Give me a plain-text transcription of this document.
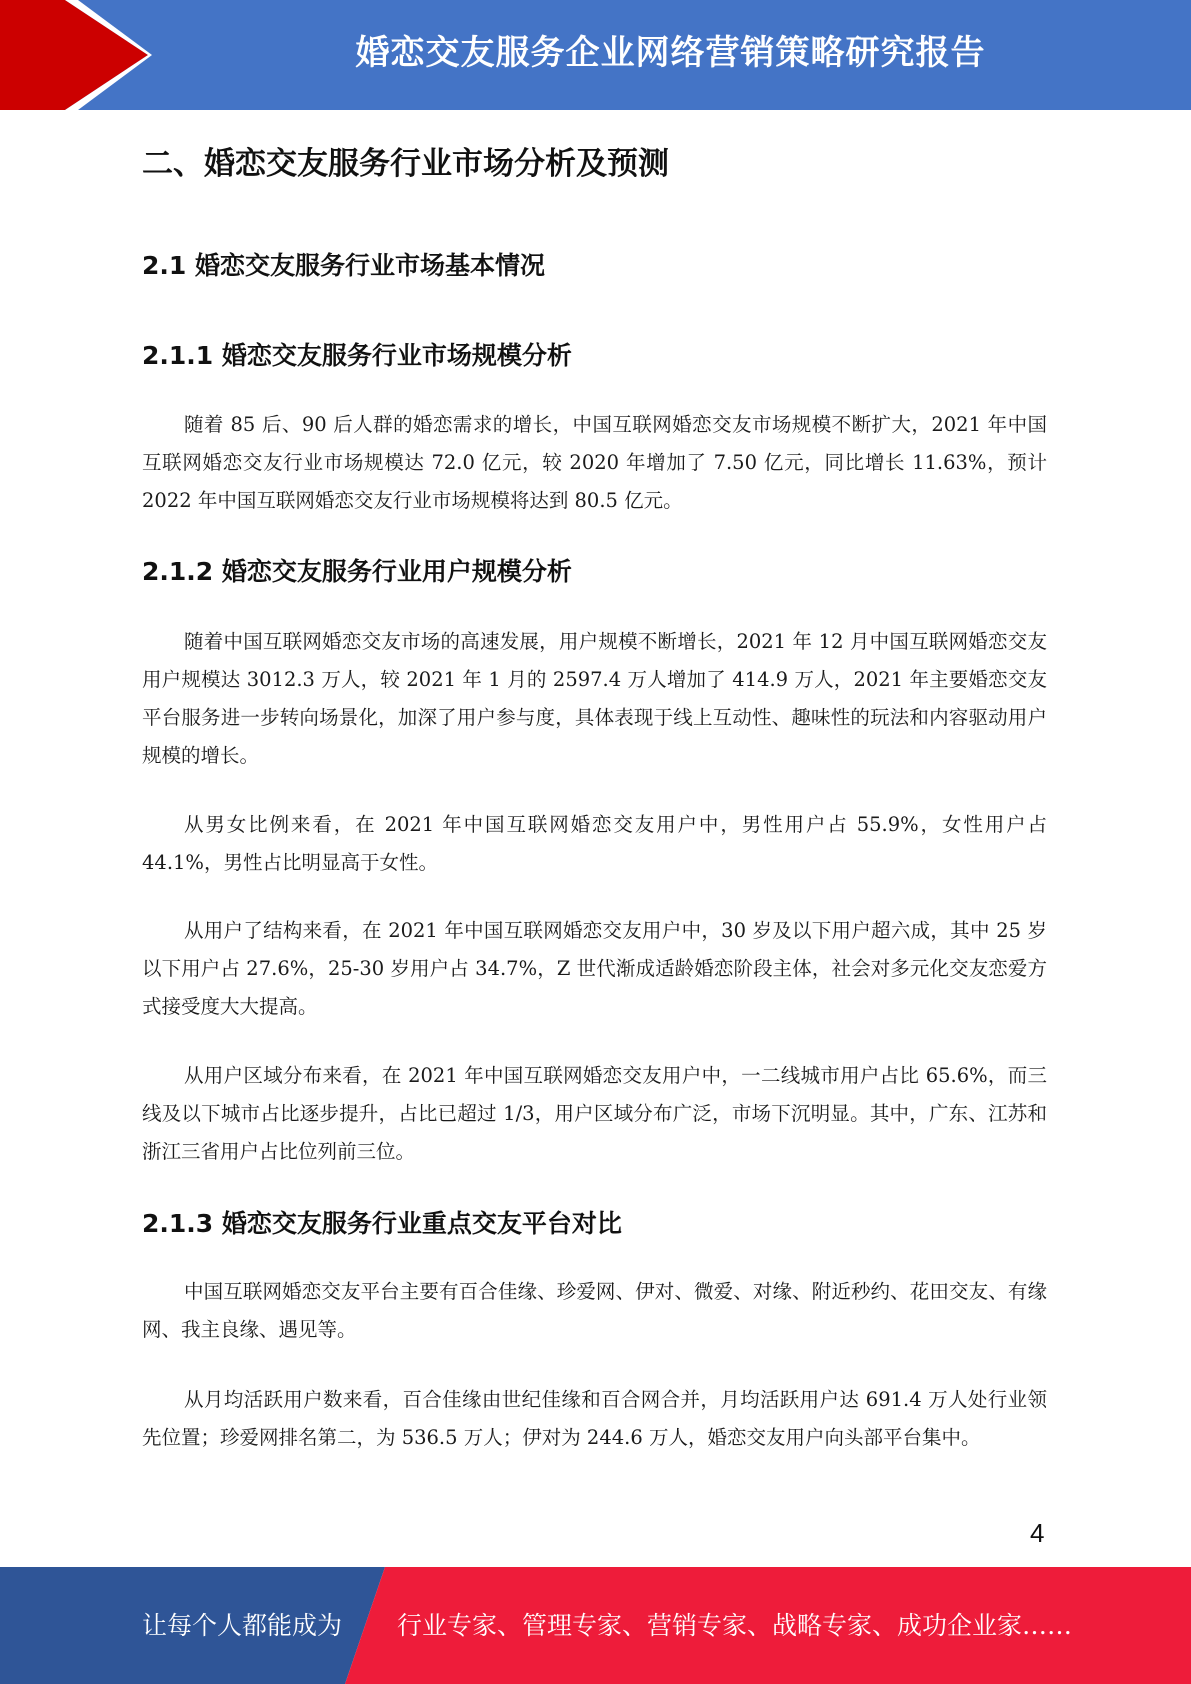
婚恋交友服务企业网络营销策略研究报告
二、婚恋交友服务行业市场分析及预测
2.1 婚恋交友服务行业市场基本情况
2.1.1 婚恋交友服务行业市场规模分析

随着 85 后、90 后人群的婚恋需求的增长，中国互联网婚恋交友市场规模不断扩大，2021 年中国互联网婚恋交友行业市场规模达 72.0 亿元，较 2020 年增加了 7.50 亿元，同比增长 11.63%，预计 2022 年中国互联网婚恋交友行业市场规模将达到 80.5 亿元。

2.1.2 婚恋交友服务行业用户规模分析

随着中国互联网婚恋交友市场的高速发展，用户规模不断增长，2021 年 12 月中国互联网婚恋交友用户规模达 3012.3 万人，较 2021 年 1 月的 2597.4 万人增加了 414.9 万人，2021 年主要婚恋交友平台服务进一步转向场景化，加深了用户参与度，具体表现于线上互动性、趣味性的玩法和内容驱动用户规模的增长。

从男女比例来看，在 2021 年中国互联网婚恋交友用户中，男性用户占 55.9%，女性用户占 44.1%，男性占比明显高于女性。

从用户了结构来看，在 2021 年中国互联网婚恋交友用户中，30 岁及以下用户超六成，其中 25 岁以下用户占 27.6%，25-30 岁用户占 34.7%，Z 世代渐成适龄婚恋阶段主体，社会对多元化交友恋爱方式接受度大大提高。

从用户区域分布来看，在 2021 年中国互联网婚恋交友用户中，一二线城市用户占比 65.6%，而三线及以下城市占比逐步提升，占比已超过 1/3，用户区域分布广泛，市场下沉明显。其中，广东、江苏和浙江三省用户占比位列前三位。

2.1.3 婚恋交友服务行业重点交友平台对比

中国互联网婚恋交友平台主要有百合佳缘、珍爱网、伊对、微爱、对缘、附近秒约、花田交友、有缘网、我主良缘、遇见等。

从月均活跃用户数来看，百合佳缘由世纪佳缘和百合网合并，月均活跃用户达 691.4 万人处行业领先位置；珍爱网排名第二，为 536.5 万人；伊对为 244.6 万人，婚恋交友用户向头部平台集中。

4
让每个人都能成为 行业专家、管理专家、营销专家、战略专家、成功企业家……
